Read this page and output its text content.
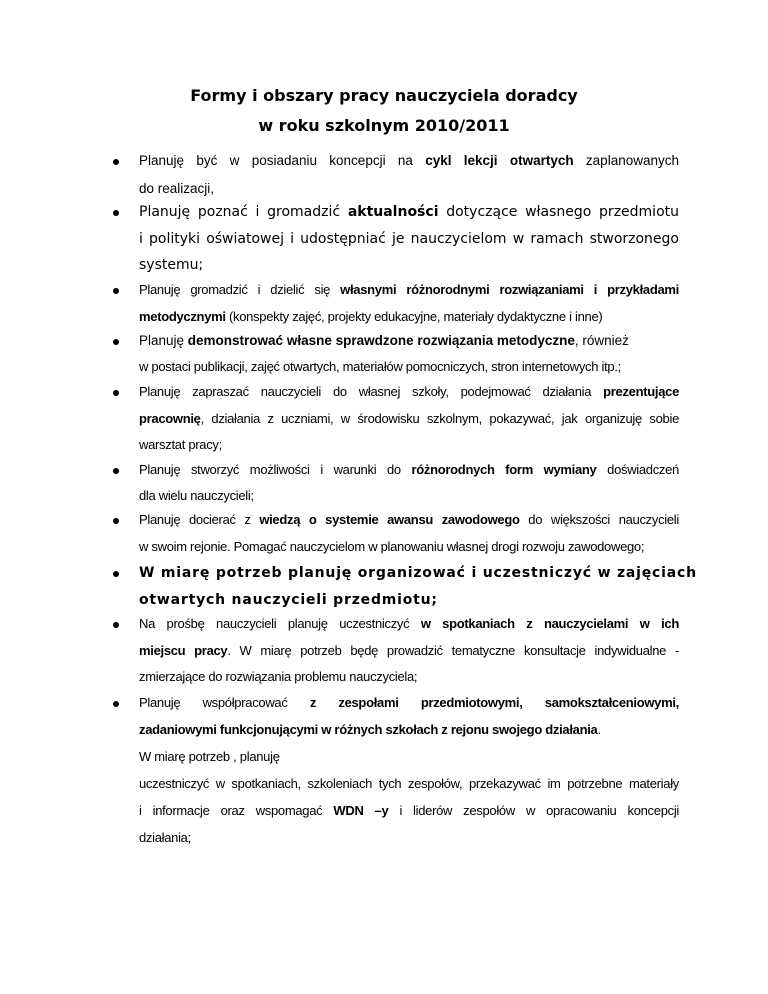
Formy i obszary pracy nauczyciela doradcy
w roku szkolnym 2010/2011
Planuję być w posiadaniu koncepcji na cykl lekcji otwartych zaplanowanych
do realizacji,
Planuję poznać i gromadzić aktualności dotyczące własnego przedmiotu
i polityki oświatowej i udostępniać je nauczycielom w ramach stworzonego
systemu;
Planuję gromadzić i dzielić się własnymi różnorodnymi rozwiązaniami i przykładami
metodycznymi (konspekty zajęć, projekty edukacyjne, materiały dydaktyczne i inne)
Planuję demonstrować własne sprawdzone rozwiązania metodyczne, również
w postaci publikacji, zajęć otwartych, materiałów pomocniczych, stron internetowych itp.;
Planuję zapraszać nauczycieli do własnej szkoły, podejmować działania prezentujące
pracownię, działania z uczniami, w środowisku szkolnym, pokazywać, jak organizuję sobie
warsztat pracy;
Planuję stworzyć możliwości i warunki do różnorodnych form wymiany doświadczeń
dla wielu nauczycieli;
Planuję docierać z wiedzą o systemie awansu zawodowego do większości nauczycieli
w swoim rejonie. Pomagać nauczycielom w planowaniu własnej drogi rozwoju zawodowego;
W miarę potrzeb planuję organizować i uczestniczyć w zajęciach
otwartych nauczycieli przedmiotu;
Na prośbę nauczycieli planuję uczestniczyć w spotkaniach z nauczycielami w ich
miejscu pracy. W miarę potrzeb będę prowadzić tematyczne konsultacje indywidualne -
zmierzające do rozwiązania problemu nauczyciela;
Planuję współpracować z zespołami przedmiotowymi, samokształceniowymi,
zadaniowymi funkcjonującymi w różnych szkołach z rejonu swojego działania.
W miarę potrzeb , planuję
uczestniczyć w spotkaniach, szkoleniach tych zespołów, przekazywać im potrzebne materiały
i informacje oraz wspomagać WDN –y i liderów zespołów w opracowaniu koncepcji
działania;
